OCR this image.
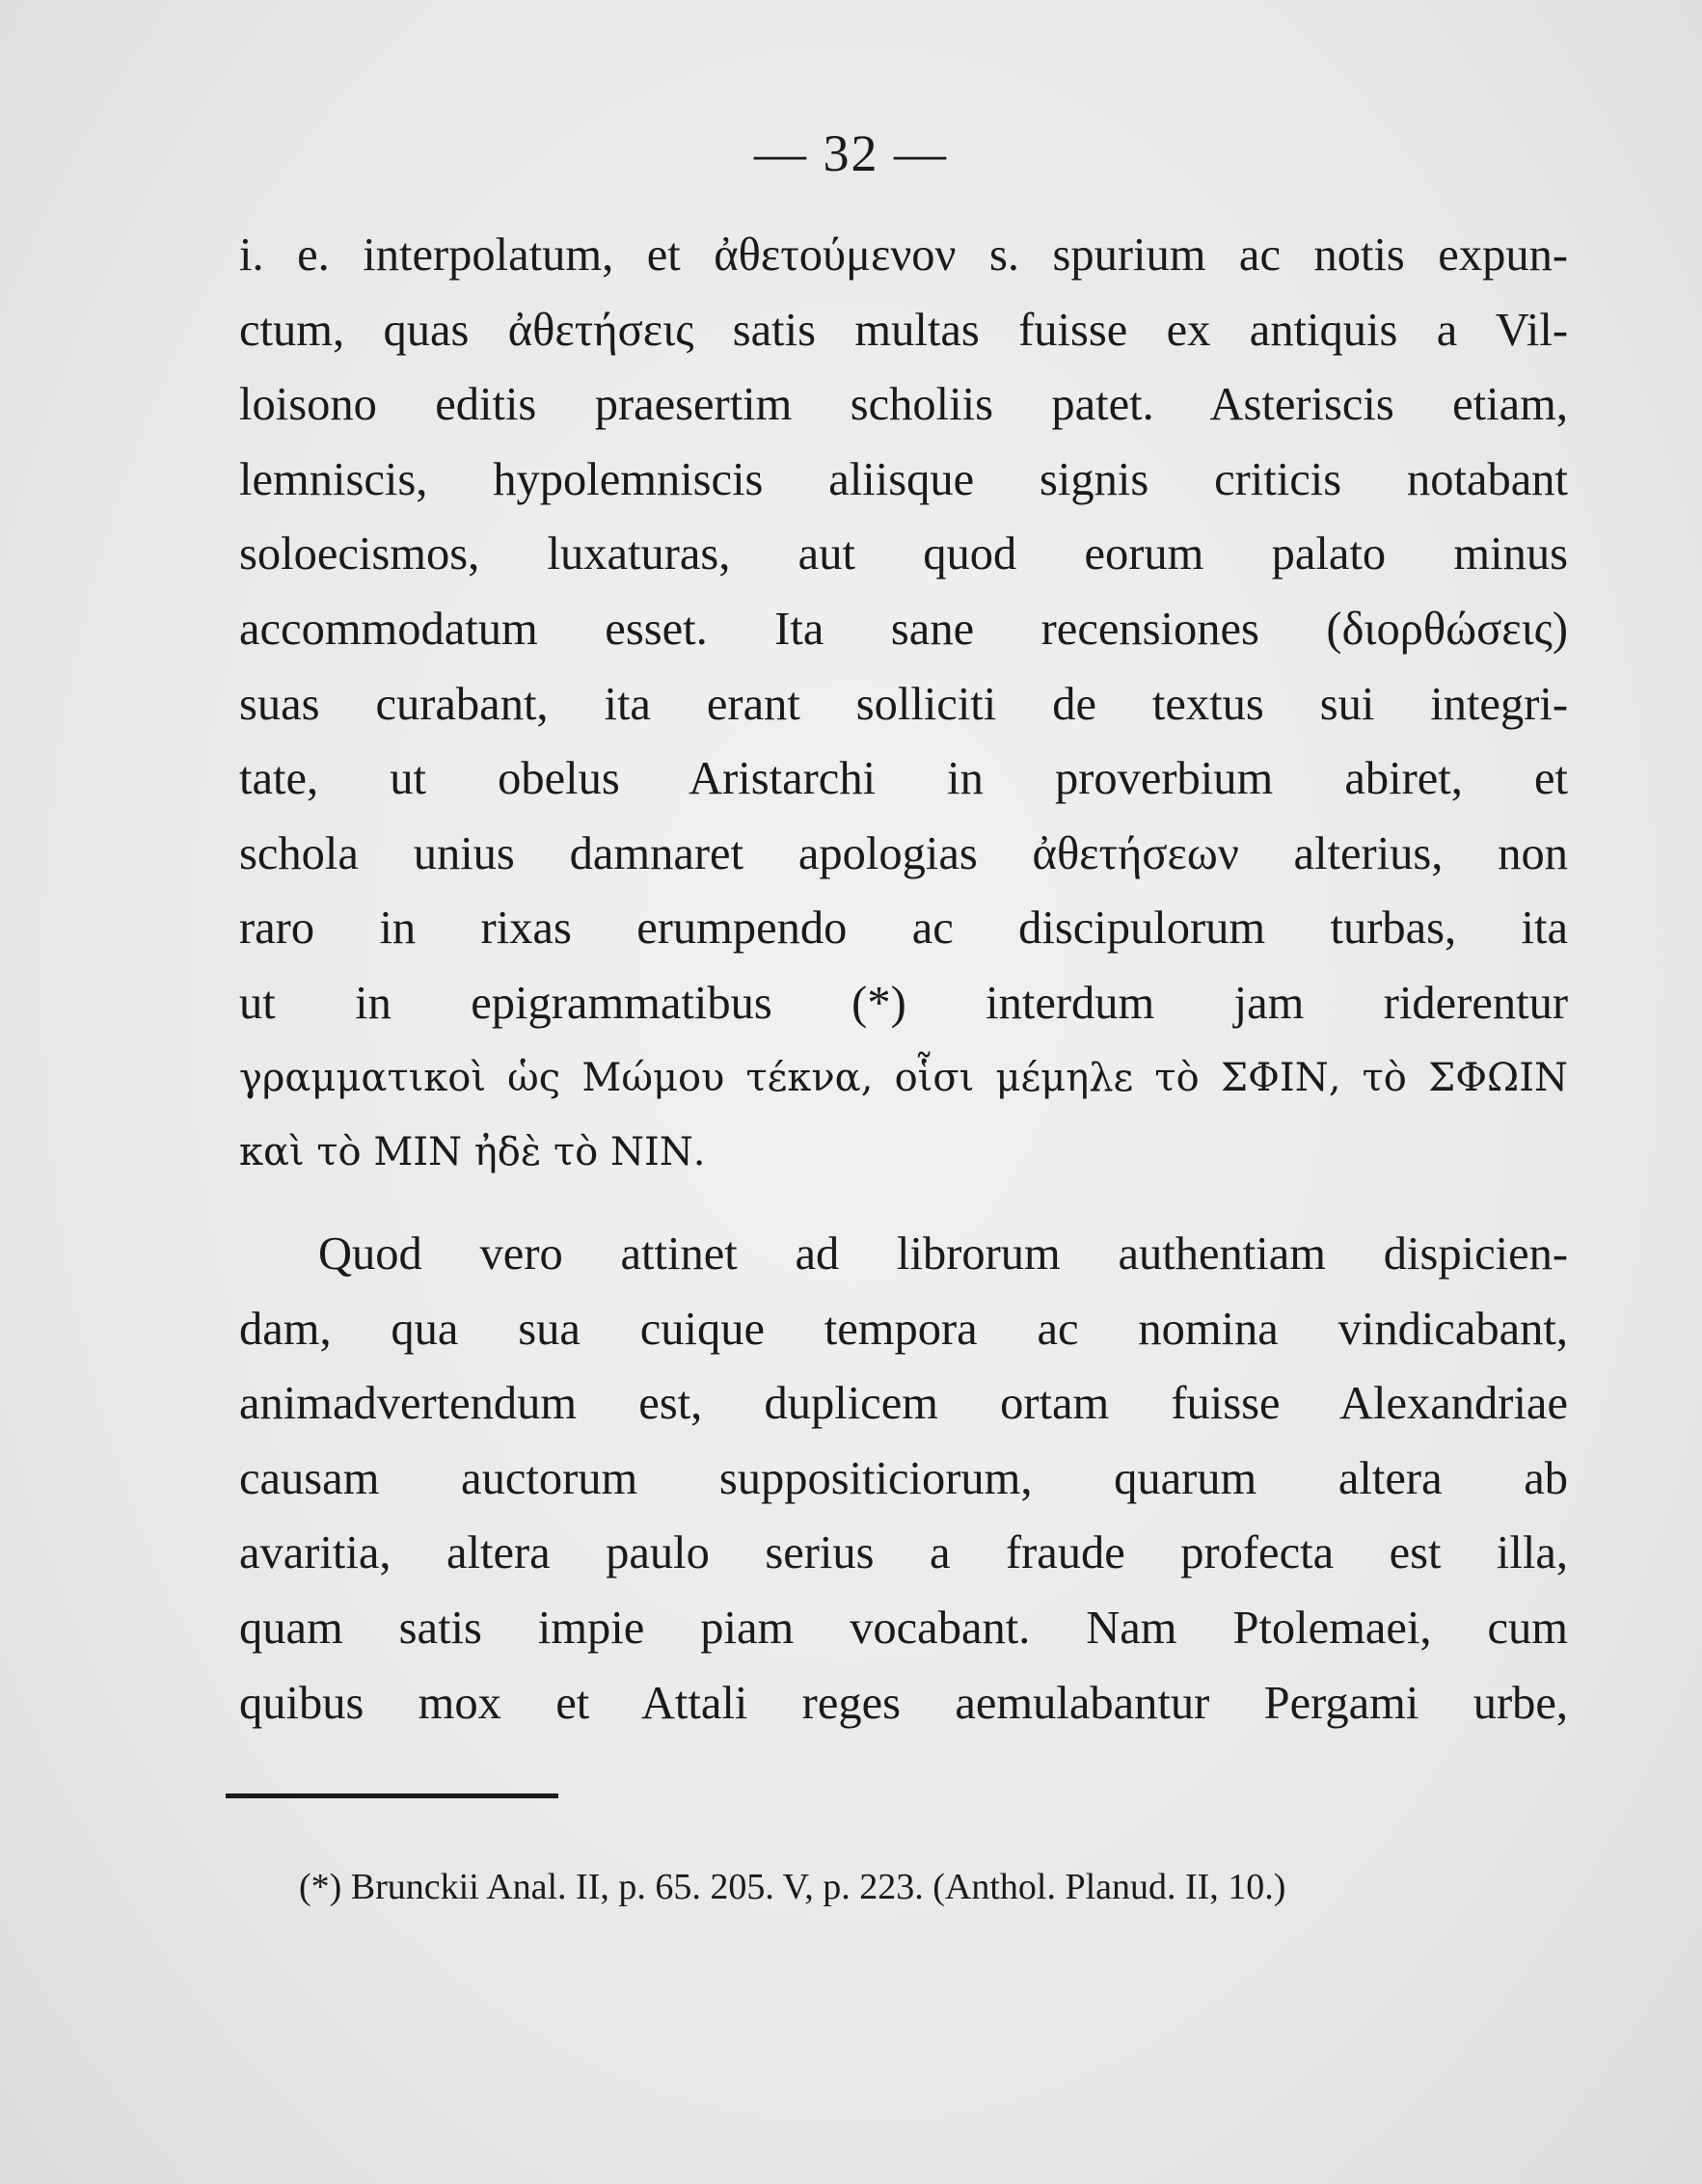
— 32 —
i. e. interpolatum, et ἀθετούμενον s. spurium ac notis expun-
ctum, quas ἀθετήσεις satis multas fuisse ex antiquis a Vil-
loisono editis praesertim scholiis patet. Asteriscis etiam,
lemniscis, hypolemniscis aliisque signis criticis notabant
soloecismos, luxaturas, aut quod eorum palato minus
accommodatum esset. Ita sane recensiones (διορθώσεις)
suas curabant, ita erant solliciti de textus sui integri-
tate, ut obelus Aristarchi in proverbium abiret, et
schola unius damnaret apologias ἀθετήσεων alterius, non
raro in rixas erumpendo ac discipulorum turbas, ita
ut in epigrammatibus (*) interdum jam riderentur
γραμματικοὶ ὡς Μώμου τέκνα, οἷσι μέμηλε τὸ ΣΦΙΝ, τὸ ΣΦΩΙΝ
καὶ τὸ ΜΙΝ ἠδὲ τὸ ΝΙΝ.
Quod vero attinet ad librorum authentiam dispicien-
dam, qua sua cuique tempora ac nomina vindicabant,
animadvertendum est, duplicem ortam fuisse Alexandriae
causam auctorum suppositiciorum, quarum altera ab
avaritia, altera paulo serius a fraude profecta est illa,
quam satis impie piam vocabant. Nam Ptolemaei, cum
quibus mox et Attali reges aemulabantur Pergami urbe,
(*) Brunckii Anal. II, p. 65. 205. V, p. 223. (Anthol. Planud. II, 10.)
